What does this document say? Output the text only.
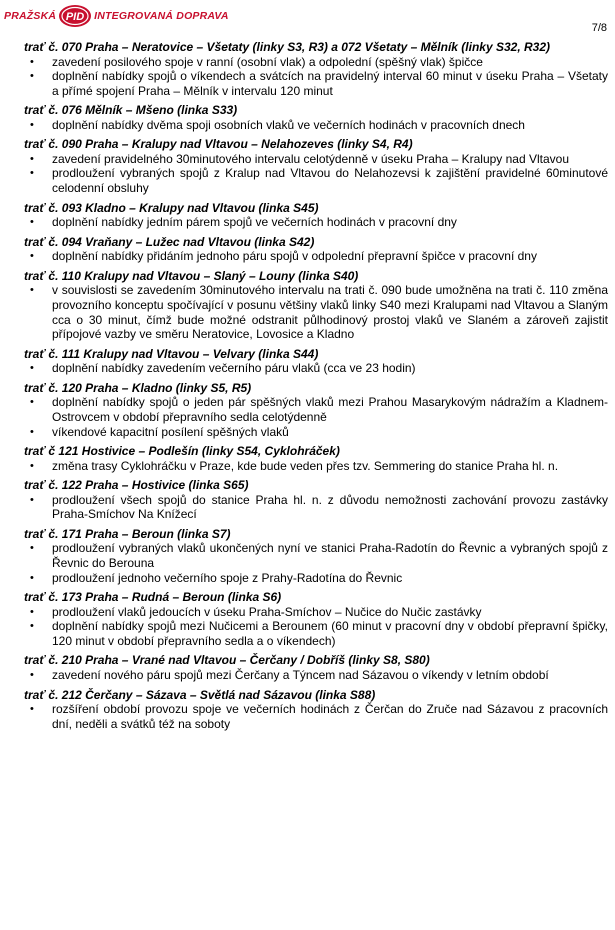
PRAŽSKÁ PID INTEGROVANÁ DOPRAVA
7/8

trať č. 070 Praha – Neratovice – Všetaty (linky S3, R3) a 072 Všetaty – Mělník (linky S32, R32)

• zavedení posilového spoje v ranní (osobní vlak) a odpolední (spěšný vlak) špičce
• doplnění nabídky spojů o víkendech a svátcích na pravidelný interval 60 minut v úseku Praha – Všetaty a přímé spojení Praha – Mělník v intervalu 120 minut

trať č. 076 Mělník – Mšeno (linka S33)

• doplnění nabídky dvěma spoji osobních vlaků ve večerních hodinách v pracovních dnech

trať č. 090 Praha – Kralupy nad Vltavou – Nelahozeves (linky S4, R4)

• zavedení pravidelného 30minutového intervalu celotýdenně v úseku Praha – Kralupy nad Vltavou
• prodloužení vybraných spojů z Kralup nad Vltavou do Nelahozevsi k zajištění pravidelné 60minutové celodenní obsluhy

trať č. 093 Kladno – Kralupy nad Vltavou (linka S45)

• doplnění nabídky jedním párem spojů ve večerních hodinách v pracovní dny

trať č. 094 Vraňany – Lužec nad Vltavou (linka S42)

• doplnění nabídky přidáním jednoho páru spojů v odpolední přepravní špičce v pracovní dny

trať č. 110 Kralupy nad Vltavou – Slaný – Louny (linka S40)

• v souvislosti se zavedením 30minutového intervalu na trati č. 090 bude umožněna na trati č. 110 změna provozního konceptu spočívající v posunu většiny vlaků linky S40 mezi Kralupami nad Vltavou a Slaným cca o 30 minut, čímž bude možné odstranit půlhodinový prostoj vlaků ve Slaném a zároveň zajistit přípojové vazby ve směru Neratovice, Lovosice a Kladno

trať č. 111 Kralupy nad Vltavou – Velvary (linka S44)

• doplnění nabídky zavedením večerního páru vlaků (cca ve 23 hodin)

trať č. 120 Praha – Kladno (linky S5, R5)

• doplnění nabídky spojů o jeden pár spěšných vlaků mezi Prahou Masarykovým nádražím a Kladnem-Ostrovcem v období přepravního sedla celotýdenně
• víkendové kapacitní posílení spěšných vlaků

trať č 121 Hostivice – Podlešín (linky S54, Cyklohráček)

• změna trasy Cyklohráčku v Praze, kde bude veden přes tzv. Semmering do stanice Praha hl. n.

trať č. 122 Praha – Hostivice (linka S65)

• prodloužení všech spojů do stanice Praha hl. n. z důvodu nemožnosti zachování provozu zastávky Praha-Smíchov Na Knížecí

trať č. 171 Praha – Beroun (linka S7)

• prodloužení vybraných vlaků ukončených nyní ve stanici Praha-Radotín do Řevnic a vybraných spojů z Řevnic do Berouna
• prodloužení jednoho večerního spoje z Prahy-Radotína do Řevnic

trať č. 173 Praha – Rudná – Beroun (linka S6)

• prodloužení vlaků jedoucích v úseku Praha-Smíchov – Nučice do Nučic zastávky
• doplnění nabídky spojů mezi Nučicemi a Berounem (60 minut v pracovní dny v období přepravní špičky, 120 minut v období přepravního sedla a o víkendech)

trať č. 210 Praha – Vrané nad Vltavou – Čerčany / Dobříš (linky S8, S80)

• zavedení nového páru spojů mezi Čerčany a Týncem nad Sázavou o víkendy v letním období

trať č. 212 Čerčany – Sázava – Světlá nad Sázavou (linka S88)

• rozšíření období provozu spoje ve večerních hodinách z Čerčan do Zruče nad Sázavou z pracovních dní, neděli a svátků též na soboty
